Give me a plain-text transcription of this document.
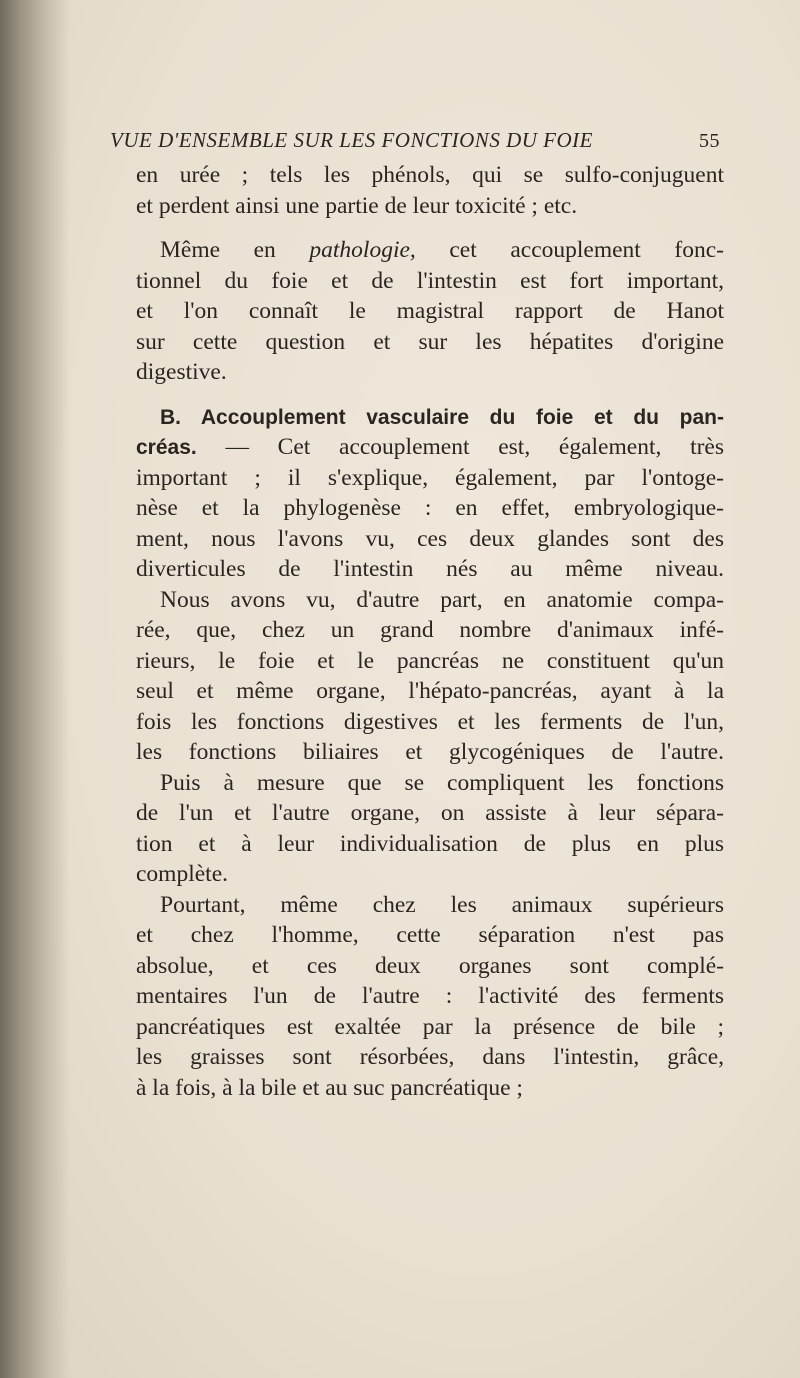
VUE D'ENSEMBLE SUR LES FONCTIONS DU FOIE	55
en urée ; tels les phénols, qui se sulfo-conjuguent
et perdent ainsi une partie de leur toxicité ; etc.
Même en pathologie, cet accouplement fonc-
tionnel du foie et de l'intestin est fort important,
et l'on connaît le magistral rapport de Hanot
sur cette question et sur les hépatites d'origine
digestive.
B. Accouplement vasculaire du foie et du pan-
créas. — Cet accouplement est, également, très
important ; il s'explique, également, par l'ontoge-
nèse et la phylogenèse : en effet, embryologique-
ment, nous l'avons vu, ces deux glandes sont des
diverticules de l'intestin nés au même niveau.
Nous avons vu, d'autre part, en anatomie compa-
rée, que, chez un grand nombre d'animaux infé-
rieurs, le foie et le pancréas ne constituent qu'un
seul et même organe, l'hépato-pancréas, ayant à la
fois les fonctions digestives et les ferments de l'un,
les fonctions biliaires et glycogéniques de l'autre.
Puis à mesure que se compliquent les fonctions
de l'un et l'autre organe, on assiste à leur sépara-
tion et à leur individualisation de plus en plus
complète.
Pourtant, même chez les animaux supérieurs
et chez l'homme, cette séparation n'est pas
absolue, et ces deux organes sont complé-
mentaires l'un de l'autre : l'activité des ferments
pancréatiques est exaltée par la présence de bile ;
les graisses sont résorbées, dans l'intestin, grâce,
à la fois, à la bile et au suc pancréatique ;
